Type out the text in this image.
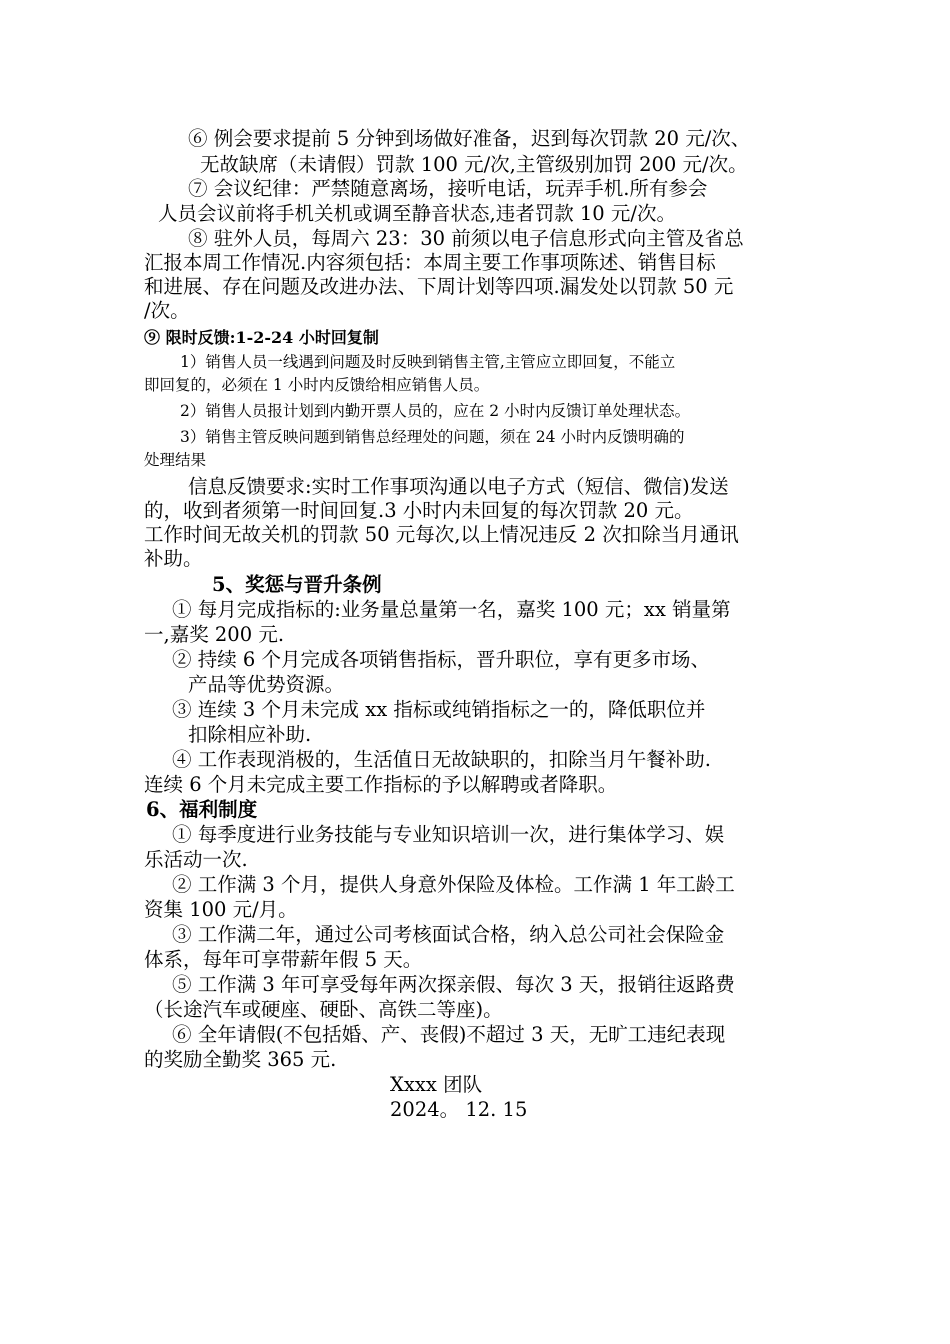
⑥ 例会要求提前 5 分钟到场做好准备，迟到每次罚款 20 元/次、
无故缺席（未请假）罚款 100 元/次,主管级别加罚 200 元/次。
⑦ 会议纪律：严禁随意离场，接听电话，玩弄手机.所有参会
人员会议前将手机关机或调至静音状态,违者罚款 10 元/次。
⑧ 驻外人员，每周六 23：30 前须以电子信息形式向主管及省总
汇报本周工作情况.内容须包括：本周主要工作事项陈述、销售目标
和进展、存在问题及改进办法、下周计划等四项.漏发处以罚款 50 元
/次。
⑨ 限时反馈:1-2-24 小时回复制
1）销售人员一线遇到问题及时反映到销售主管,主管应立即回复，不能立
即回复的，必须在 1 小时内反馈给相应销售人员。
2）销售人员报计划到内勤开票人员的，应在 2 小时内反馈订单处理状态。
3）销售主管反映问题到销售总经理处的问题，须在 24 小时内反馈明确的
处理结果
信息反馈要求:实时工作事项沟通以电子方式（短信、微信)发送
的，收到者须第一时间回复.3 小时内未回复的每次罚款 20 元。
工作时间无故关机的罚款 50 元每次,以上情况违反 2 次扣除当月通讯
补助。
5、奖惩与晋升条例
① 每月完成指标的:业务量总量第一名，嘉奖 100 元；xx 销量第
一,嘉奖 200 元.
② 持续 6 个月完成各项销售指标，晋升职位，享有更多市场、
产品等优势资源。
③ 连续 3 个月未完成 xx 指标或纯销指标之一的，降低职位并
扣除相应补助.
④ 工作表现消极的，生活值日无故缺职的，扣除当月午餐补助.
连续 6 个月未完成主要工作指标的予以解聘或者降职。
6、福利制度
① 每季度进行业务技能与专业知识培训一次，进行集体学习、娱
乐活动一次.
② 工作满 3 个月，提供人身意外保险及体检。工作满 1 年工龄工
资集 100 元/月。
③ 工作满二年，通过公司考核面试合格，纳入总公司社会保险金
体系，每年可享带薪年假 5 天。
⑤ 工作满 3 年可享受每年两次探亲假、每次 3 天，报销往返路费
（长途汽车或硬座、硬卧、高铁二等座)。
⑥ 全年请假(不包括婚、产、丧假)不超过 3 天，无旷工违纪表现
的奖励全勤奖 365 元.
Xxxx 团队
2024。 12. 15
